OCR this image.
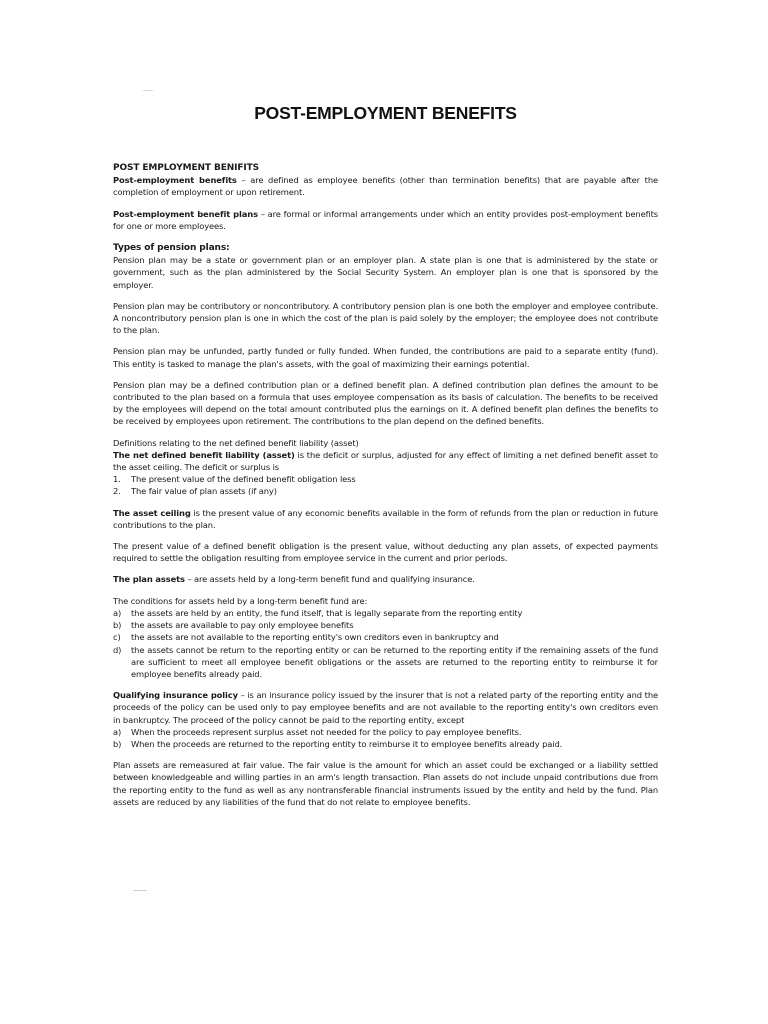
POST-EMPLOYMENT BENEFITS

POST EMPLOYMENT BENIFITS

Post-employment benefits – are defined as employee benefits (other than termination benefits) that are payable after the completion of employment or upon retirement.

Post-employment benefit plans – are formal or informal arrangements under which an entity provides post-employment benefits for one or more employees.

Types of pension plans:

Pension plan may be a state or government plan or an employer plan. A state plan is one that is administered by the state or government, such as the plan administered by the Social Security System. An employer plan is one that is sponsored by the employer.

Pension plan may be contributory or noncontributory. A contributory pension plan is one both the employer and employee contribute. A noncontributory pension plan is one in which the cost of the plan is paid solely by the employer; the employee does not contribute to the plan.

Pension plan may be unfunded, partly funded or fully funded. When funded, the contributions are paid to a separate entity (fund). This entity is tasked to manage the plan's assets, with the goal of maximizing their earnings potential.

Pension plan may be a defined contribution plan or a defined benefit plan. A defined contribution plan defines the amount to be contributed to the plan based on a formula that uses employee compensation as its basis of calculation. The benefits to be received by the employees will depend on the total amount contributed plus the earnings on it. A defined benefit plan defines the benefits to be received by employees upon retirement. The contributions to the plan depend on the defined benefits.

Definitions relating to the net defined benefit liability (asset)

The net defined benefit liability (asset) is the deficit or surplus, adjusted for any effect of limiting a net defined benefit asset to the asset ceiling. The deficit or surplus is

1. The present value of the defined benefit obligation less
2. The fair value of plan assets (if any)

The asset ceiling is the present value of any economic benefits available in the form of refunds from the plan or reduction in future contributions to the plan.

The present value of a defined benefit obligation is the present value, without deducting any plan assets, of expected payments required to settle the obligation resulting from employee service in the current and prior periods.

The plan assets – are assets held by a long-term benefit fund and qualifying insurance.

The conditions for assets held by a long-term benefit fund are:

a) the assets are held by an entity, the fund itself, that is legally separate from the reporting entity
b) the assets are available to pay only employee benefits
c) the assets are not available to the reporting entity's own creditors even in bankruptcy and
d) the assets cannot be return to the reporting entity or can be returned to the reporting entity if the remaining assets of the fund are sufficient to meet all employee benefit obligations or the assets are returned to the reporting entity to reimburse it for employee benefits already paid.

Qualifying insurance policy – is an insurance policy issued by the insurer that is not a related party of the reporting entity and the proceeds of the policy can be used only to pay employee benefits and are not available to the reporting entity's own creditors even in bankruptcy. The proceed of the policy cannot be paid to the reporting entity, except

a) When the proceeds represent surplus asset not needed for the policy to pay employee benefits.
b) When the proceeds are returned to the reporting entity to reimburse it to employee benefits already paid.

Plan assets are remeasured at fair value. The fair value is the amount for which an asset could be exchanged or a liability settled between knowledgeable and willing parties in an arm's length transaction. Plan assets do not include unpaid contributions due from the reporting entity to the fund as well as any nontransferable financial instruments issued by the entity and held by the fund. Plan assets are reduced by any liabilities of the fund that do not relate to employee benefits.
